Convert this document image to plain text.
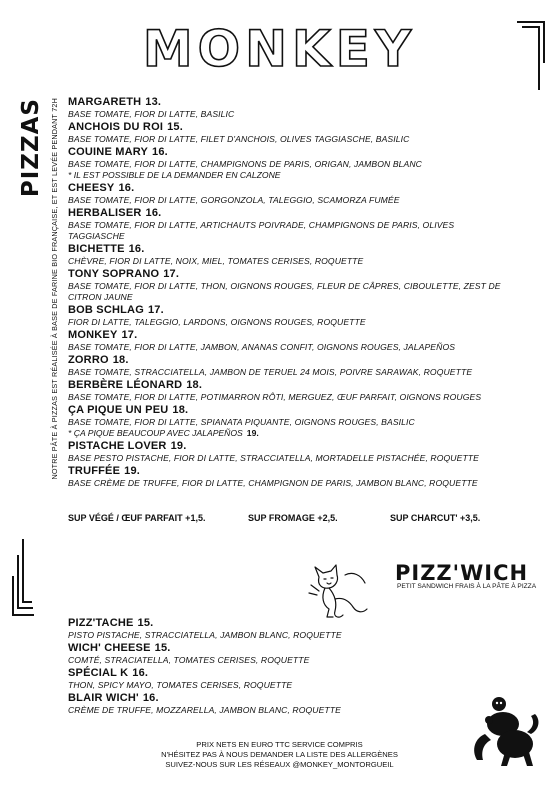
MONKEY
PIZZAS NOTRE PÂTE À PIZZAS EST RÉALISÉE À BASE DE FARINE BIO FRANÇAISE, ET EST LEVÉE PENDANT 72H MARGARETH 13.
BASE TOMATE, FIOR DI LATTE, BASILIC
ANCHOIS DU ROI 15.
BASE TOMATE, FIOR DI LATTE, FILET D'ANCHOIS, OLIVES TAGGIASCHE, BASILIC
COUINE MARY 16.
BASE TOMATE, FIOR DI LATTE, CHAMPIGNONS DE PARIS, ORIGAN, JAMBON BLANC
* IL EST POSSIBLE DE LA DEMANDER EN CALZONE
CHEESY 16.
BASE TOMATE, FIOR DI LATTE, GORGONZOLA, TALEGGIO, SCAMORZA FUMÉE
HERBALISER 16.
BASE TOMATE, FIOR DI LATTE, ARTICHAUTS POIVRADE, CHAMPIGNONS DE PARIS, OLIVES TAGGIASCHE
BICHETTE 16.
CHÈVRE, FIOR DI LATTE, NOIX, MIEL, TOMATES CERISES, ROQUETTE
TONY SOPRANO 17.
BASE TOMATE, FIOR DI LATTE, THON, OIGNONS ROUGES, FLEUR DE CÂPRES, CIBOULETTE, ZEST DE CITRON JAUNE
BOB SCHLAG 17.
FIOR DI LATTE, TALEGGIO, LARDONS, OIGNONS ROUGES, ROQUETTE
MONKEY 17.
BASE TOMATE, FIOR DI LATTE, JAMBON, ANANAS CONFIT, OIGNONS ROUGES, JALAPEÑOS
ZORRO 18.
BASE TOMATE, STRACCIATELLA, JAMBON DE TERUEL 24 MOIS, POIVRE SARAWAK, ROQUETTE
BERBÈRE LÉONARD 18.
BASE TOMATE, FIOR DI LATTE, POTIMARRON RÔTI, MERGUEZ, ŒUF PARFAIT, OIGNONS ROUGES
ÇA PIQUE UN PEU 18.
BASE TOMATE, FIOR DI LATTE, SPIANATA PIQUANTE, OIGNONS ROUGES, BASILIC
* ÇA PIQUE BEAUCOUP AVEC JALAPEÑOS 19.
PISTACHE LOVER 19.
BASE PESTO PISTACHE, FIOR DI LATTE, STRACCIATELLA, MORTADELLE PISTACHÉE, ROQUETTE
TRUFFÉE 19.
BASE CRÈME DE TRUFFE, FIOR DI LATTE, CHAMPIGNON DE PARIS, JAMBON BLANC, ROQUETTE
SUP VÉGÉ / ŒUF PARFAIT +1,5.	SUP FROMAGE +2,5.	SUP CHARCUT' +3,5.
PIZZ'WICH
PETIT SANDWICH FRAIS À LA PÂTE À PIZZA
PIZZ'TACHE 15.
PISTO PISTACHE, STRACCIATELLA, JAMBON BLANC, ROQUETTE
WICH' CHEESE 15.
COMTÉ, STRACIATELLA, TOMATES CERISES, ROQUETTE
SPÉCIAL K 16.
THON, SPICY MAYO, TOMATES CERISES, ROQUETTE
BLAIR WICH' 16.
CRÈME DE TRUFFE, MOZZARELLA, JAMBON BLANC, ROQUETTE
PRIX NETS EN EURO TTC SERVICE COMPRIS
N'HÉSITEZ PAS À NOUS DEMANDER LA LISTE DES ALLERGÈNES
SUIVEZ-NOUS SUR LES RÉSEAUX @MONKEY_MONTORGUEIL
